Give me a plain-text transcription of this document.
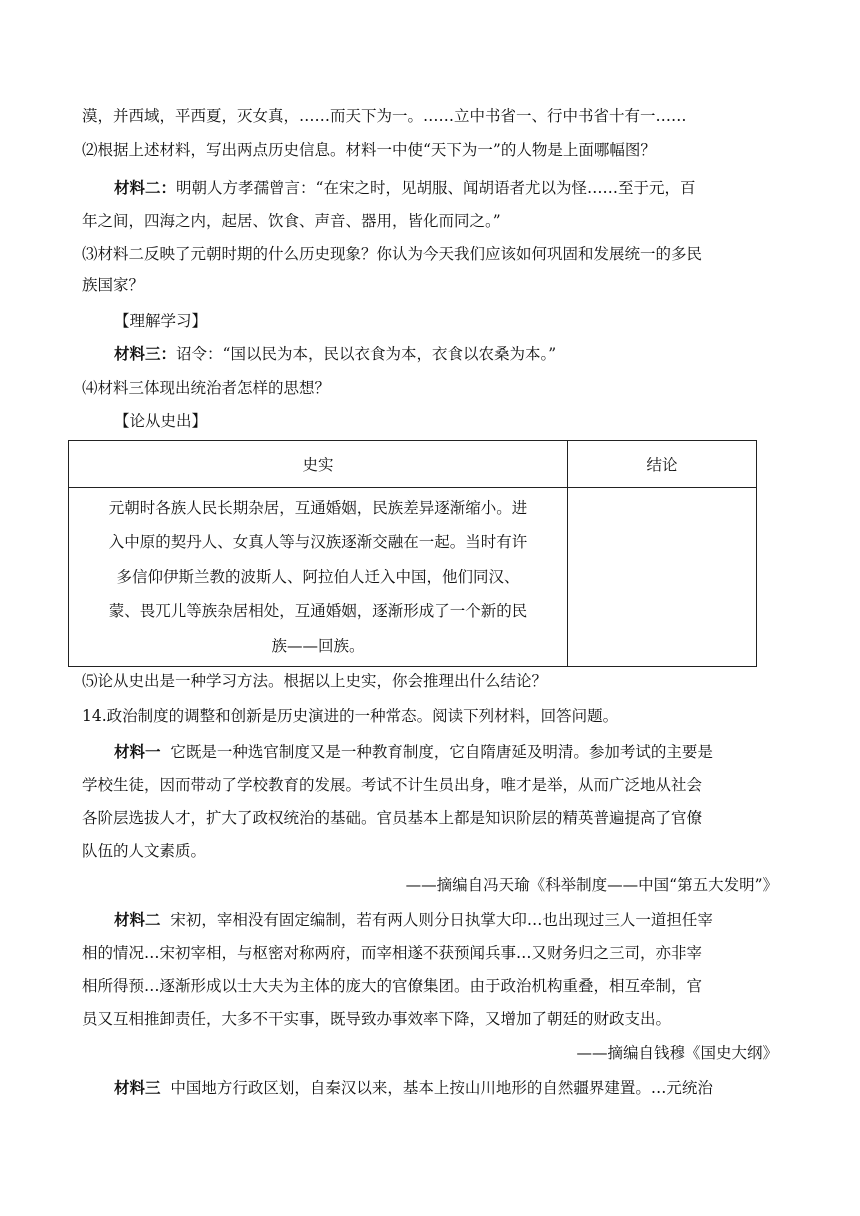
漠，并西域，平西夏，灭女真，……而天下为一。……立中书省一、行中书省十有一……
⑵根据上述材料，写出两点历史信息。材料一中使“天下为一”的人物是上面哪幅图？
材料二：明朝人方孝孺曾言：“在宋之时，见胡服、闻胡语者尤以为怪……至于元，百
年之间，四海之内，起居、饮食、声音、器用，皆化而同之。”
⑶材料二反映了元朝时期的什么历史现象？你认为今天我们应该如何巩固和发展统一的多民
族国家？
【理解学习】
材料三：诏令：“国以民为本，民以衣食为本，衣食以农桑为本。”
⑷材料三体现出统治者怎样的思想？
【论从史出】
史实	结论

元朝时各族人民长期杂居，互通婚姻，民族差异逐渐缩小。进
入中原的契丹人、女真人等与汉族逐渐交融在一起。当时有许
多信仰伊斯兰教的波斯人、阿拉伯人迁入中国，他们同汉、
蒙、畏兀儿等族杂居相处，互通婚姻，逐渐形成了一个新的民
族——回族。	

⑸论从史出是一种学习方法。根据以上史实，你会推理出什么结论？
14.政治制度的调整和创新是历史演进的一种常态。阅读下列材料，回答问题。
材料一 它既是一种选官制度又是一种教育制度，它自隋唐延及明清。参加考试的主要是
学校生徒，因而带动了学校教育的发展。考试不计生员出身，唯才是举，从而广泛地从社会
各阶层选拔人才，扩大了政权统治的基础。官员基本上都是知识阶层的精英普遍提高了官僚
队伍的人文素质。
——摘编自冯天瑜《科举制度——中国“第五大发明”》
材料二 宋初，宰相没有固定编制，若有两人则分日执掌大印…也出现过三人一道担任宰
相的情况…宋初宰相，与枢密对称两府，而宰相遂不获预闻兵事…又财务归之三司，亦非宰
相所得预…逐渐形成以士大夫为主体的庞大的官僚集团。由于政治机构重叠，相互牵制，官
员又互相推卸责任，大多不干实事，既导致办事效率下降，又增加了朝廷的财政支出。
——摘编自钱穆《国史大纲》
材料三 中国地方行政区划，自秦汉以来，基本上按山川地形的自然疆界建置。…元统治
